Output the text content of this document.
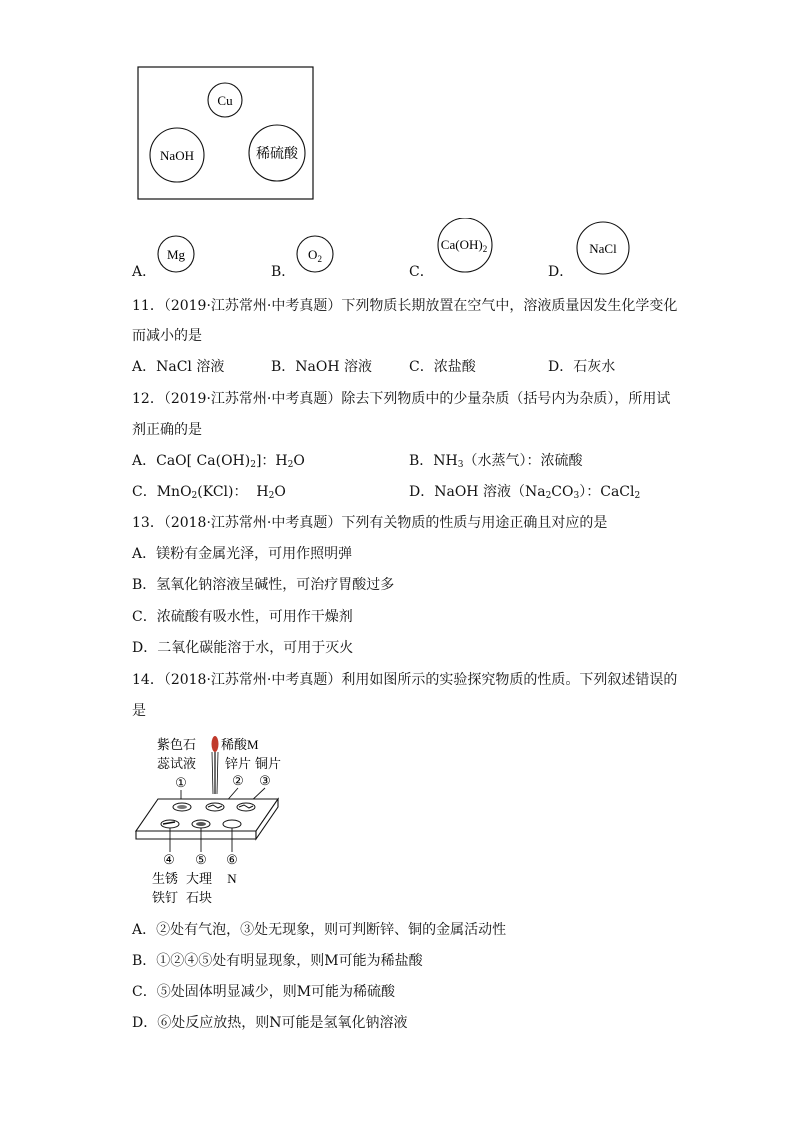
Cu
NaOH	稀硫酸
A．
Mg
B．
$O_2$
C．
$Ca(OH)_2$
D．
NaCl
11．（2019·江苏常州·中考真题）下列物质长期放置在空气中，溶液质量因发生化学变化
而减小的是
A．NaCl 溶液	B．NaOH 溶液	C．浓盐酸	D．石灰水
12．（2019·江苏常州·中考真题）除去下列物质中的少量杂质（括号内为杂质），所用试
剂正确的是
A．CaO[ $Ca(OH)_2$]：$H_2O$	B．$NH_3$（水蒸气）：浓硫酸
C．MnO$_2$(KCl)：  $H_2O$	D．NaOH 溶液$(Na_2CO_3)$：CaCl$_2$
13．（2018·江苏常州·中考真题）下列有关物质的性质与用途正确且对应的是
A．镁粉有金属光泽，可用作照明弹
B．氢氧化钠溶液呈碱性，可治疗胃酸过多
C．浓硫酸有吸水性，可用作干燥剂
D．二氧化碳能溶于水，可用于灭火
14．（2018·江苏常州·中考真题）利用如图所示的实验探究物质的性质。下列叙述错误的
是
紫色石
蕊试液
稀酸M
锌片 铜片
①	② ③
④ ⑤ ⑥
生锈
铁钉
大理
石块
N
A．②处有气泡，③处无现象，则可判断锌、铜的金属活动性
B．①②④⑤处有明显现象，则M可能为稀盐酸
C．⑤处固体明显减少，则M可能为稀硫酸
D．⑥处反应放热，则N可能是氢氧化钠溶液
